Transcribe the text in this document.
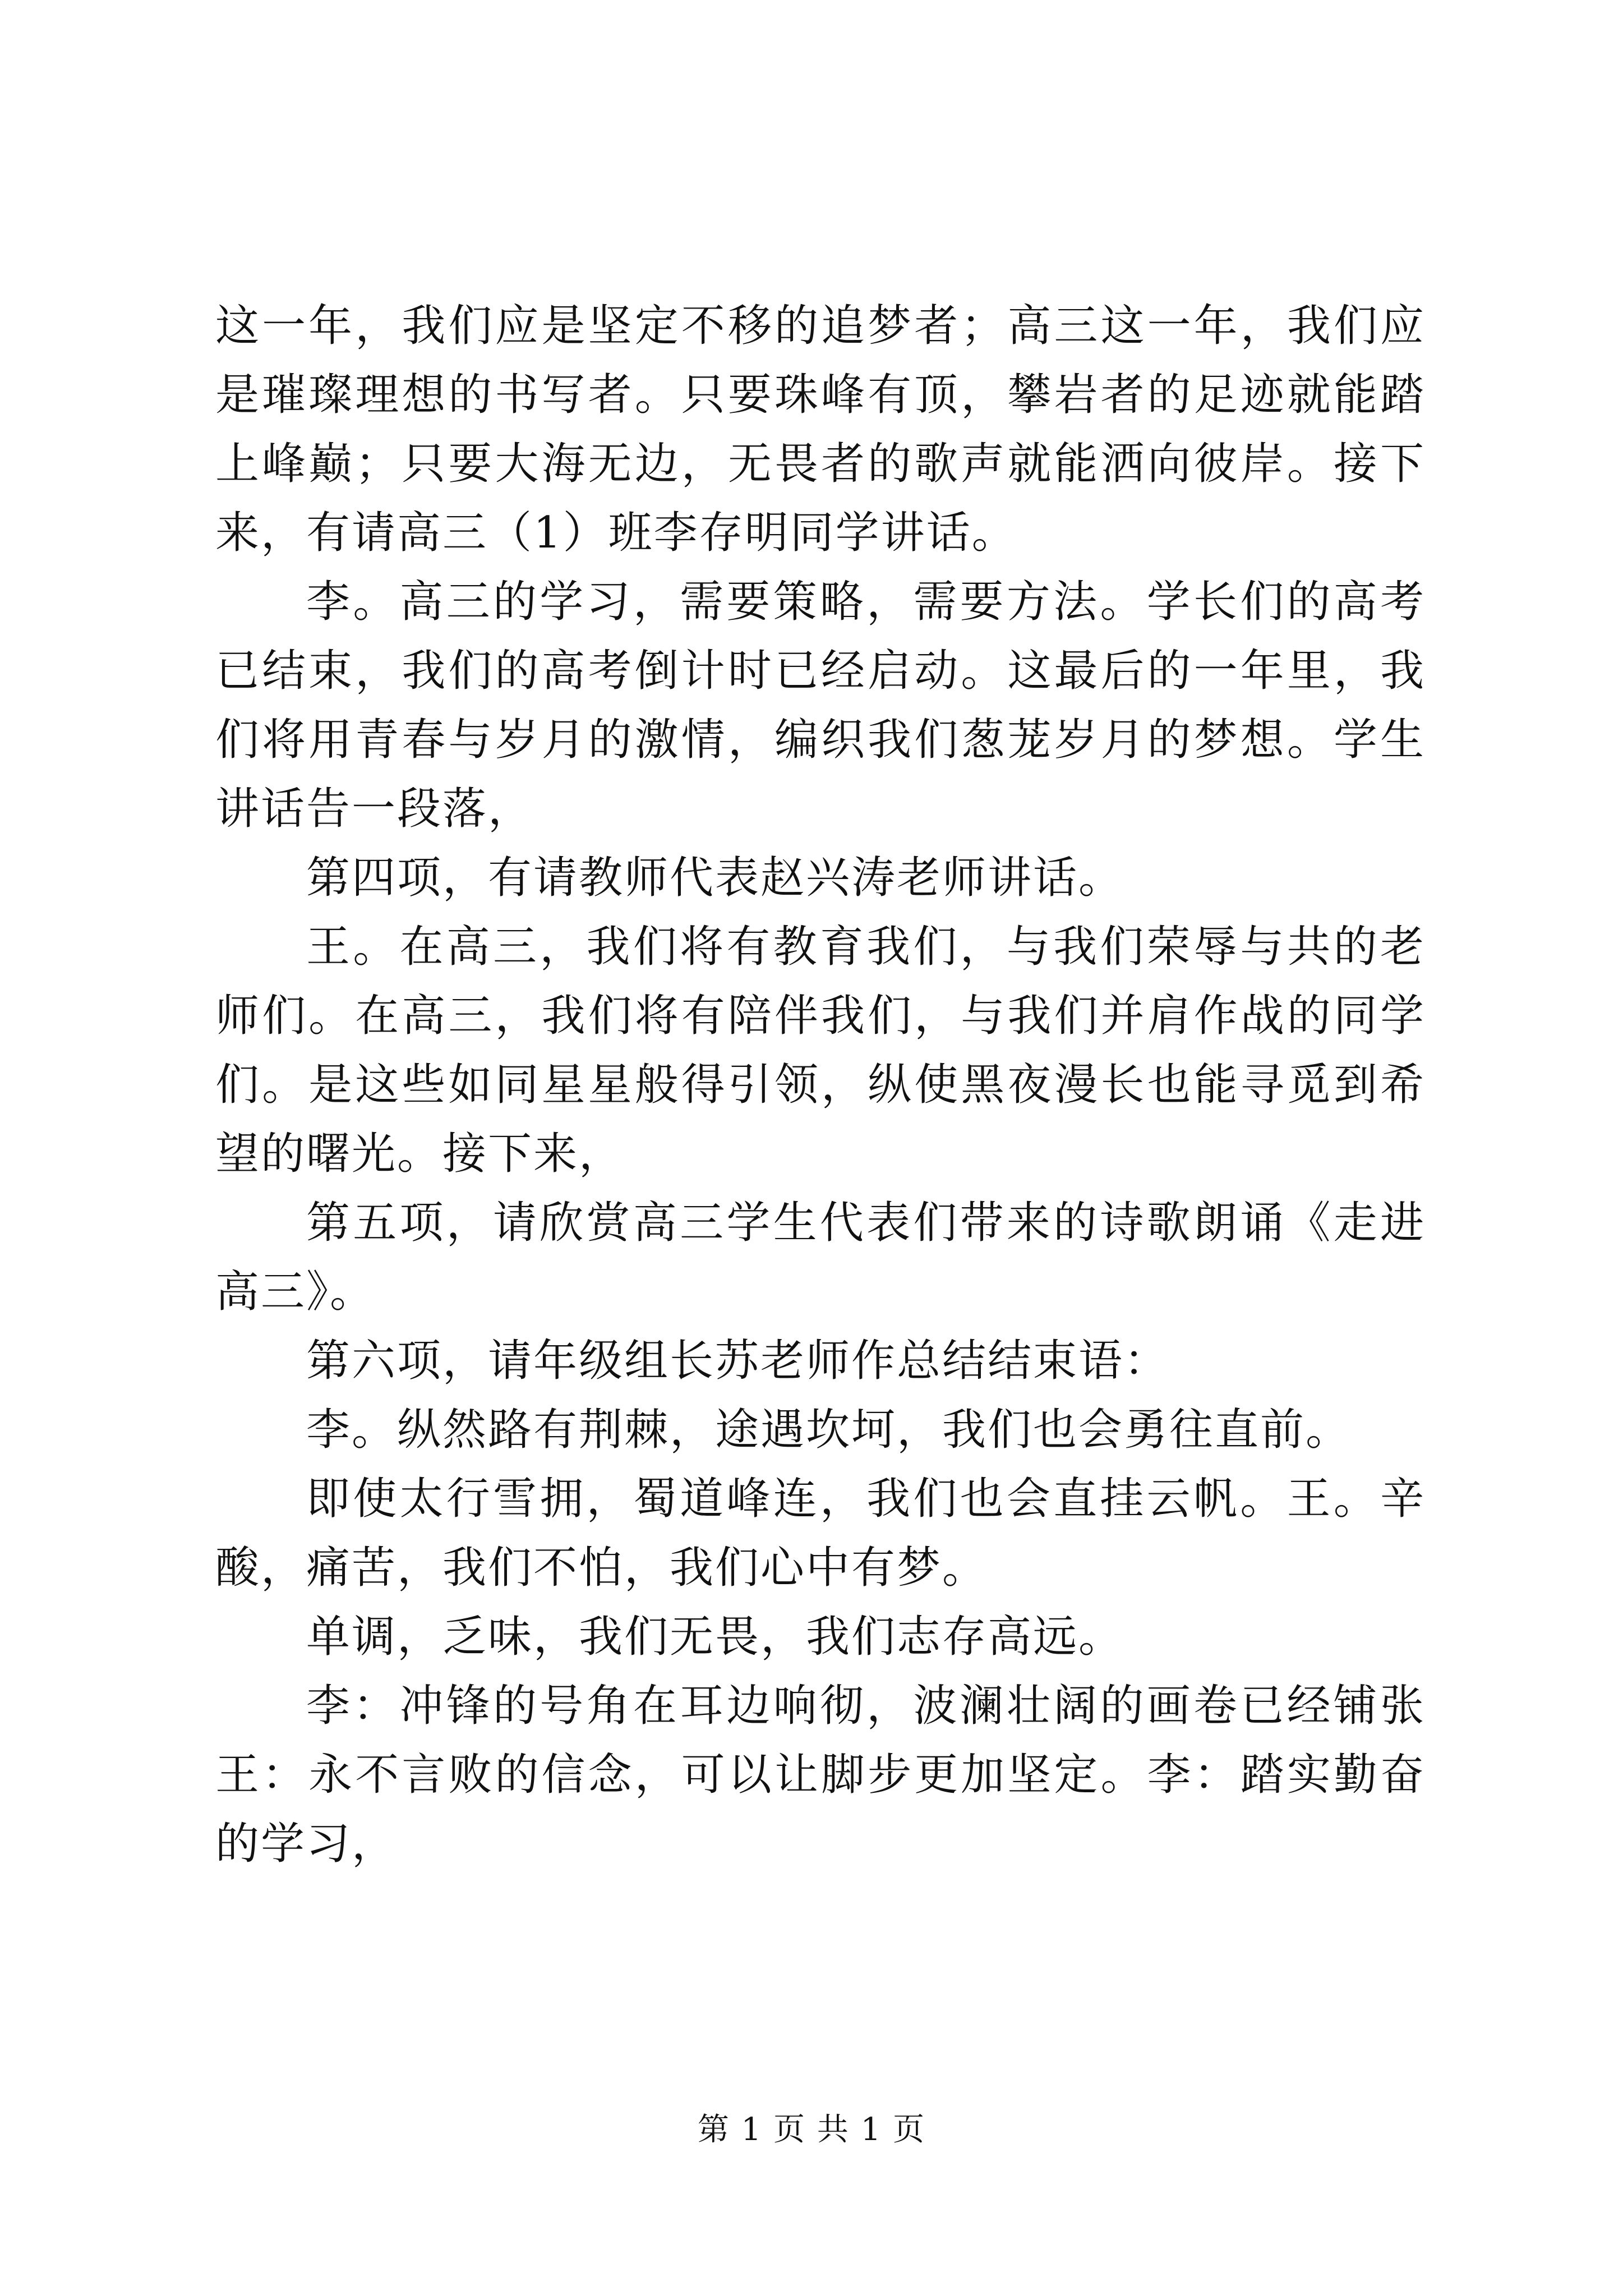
这一年，我们应是坚定不移的追梦者；高三这一年，我们应是璀璨理想的书写者。只要珠峰有顶，攀岩者的足迹就能踏上峰巅；只要大海无边，无畏者的歌声就能洒向彼岸。接下来，有请高三（1）班李存明同学讲话。

李。高三的学习，需要策略，需要方法。学长们的高考已结束，我们的高考倒计时已经启动。这最后的一年里，我们将用青春与岁月的激情，编织我们葱茏岁月的梦想。学生讲话告一段落，

第四项，有请教师代表赵兴涛老师讲话。

王。在高三，我们将有教育我们，与我们荣辱与共的老师们。在高三，我们将有陪伴我们，与我们并肩作战的同学们。是这些如同星星般得引领，纵使黑夜漫长也能寻觅到希望的曙光。接下来，

第五项，请欣赏高三学生代表们带来的诗歌朗诵《走进高三》。

第六项，请年级组长苏老师作总结结束语：

李。纵然路有荆棘，途遇坎坷，我们也会勇往直前。

即使太行雪拥，蜀道峰连，我们也会直挂云帆。王。辛酸，痛苦，我们不怕，我们心中有梦。

单调，乏味，我们无畏，我们志存高远。

李：冲锋的号角在耳边响彻，波澜壮阔的画卷已经铺张王：永不言败的信念，可以让脚步更加坚定。李：踏实勤奋的学习，

第 1 页 共 1 页
